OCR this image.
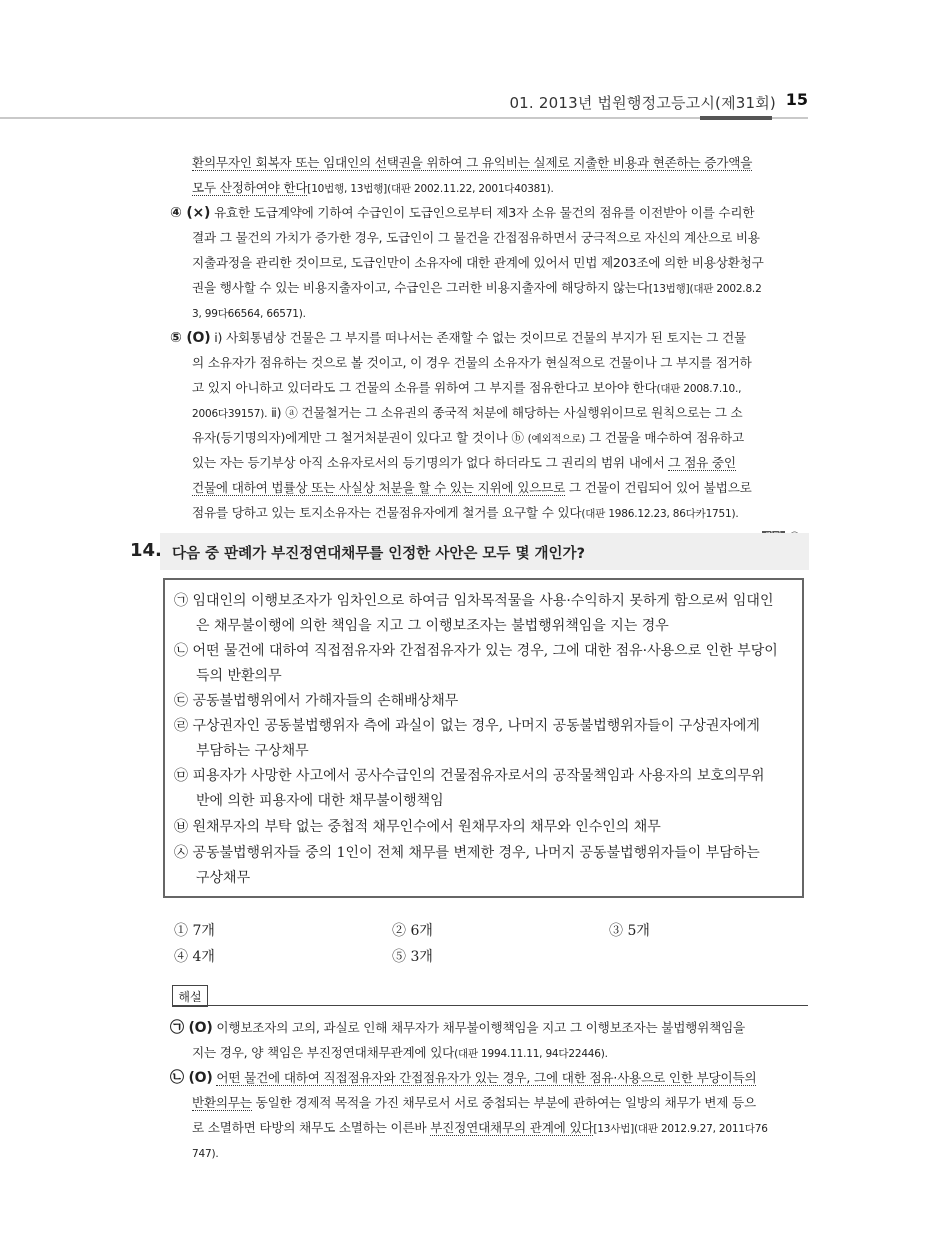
01. 2013년 법원행정고등고시(제31회) 15
환의무자인 회복자 또는 임대인의 선택권을 위하여 그 유익비는 실제로 지출한 비용과 현존하는 증가액을
모두 산정하여야 한다[10법행, 13법행](대판 2002.11.22, 2001다40381).
④ (×) 유효한 도급계약에 기하여 수급인이 도급인으로부터 제3자 소유 물건의 점유를 이전받아 이를 수리한
결과 그 물건의 가치가 증가한 경우, 도급인이 그 물건을 간접점유하면서 궁극적으로 자신의 계산으로 비용
지출과정을 관리한 것이므로, 도급인만이 소유자에 대한 관계에 있어서 민법 제203조에 의한 비용상환청구
권을 행사할 수 있는 비용지출자이고, 수급인은 그러한 비용지출자에 해당하지 않는다[13법행](대판 2002.8.2
3, 99다66564, 66571).
⑤ (O) ⅰ) 사회통념상 건물은 그 부지를 떠나서는 존재할 수 없는 것이므로 건물의 부지가 된 토지는 그 건물
의 소유자가 점유하는 것으로 볼 것이고, 이 경우 건물의 소유자가 현실적으로 건물이나 그 부지를 점거하
고 있지 아니하고 있더라도 그 건물의 소유를 위하여 그 부지를 점유한다고 보아야 한다(대판 2008.7.10.,
2006다39157). ⅱ) ⓐ 건물철거는 그 소유권의 종국적 처분에 해당하는 사실행위이므로 원칙으로는 그 소
유자(등기명의자)에게만 그 철거처분권이 있다고 할 것이나 ⓑ (예외적으로) 그 건물을 매수하여 점유하고
있는 자는 등기부상 아직 소유자로서의 등기명의가 없다 하더라도 그 권리의 범위 내에서 그 점유 중인
건물에 대하여 법률상 또는 사실상 처분을 할 수 있는 지위에 있으므로 그 건물이 건립되어 있어 불법으로
점유를 당하고 있는 토지소유자는 건물점유자에게 철거를 요구할 수 있다(대판 1986.12.23, 86다카1751).
14. 다음 중 판례가 부진정연대채무를 인정한 사안은 모두 몇 개인가?
㉠ 임대인의 이행보조자가 임차인으로 하여금 임차목적물을 사용·수익하지 못하게 함으로써 임대인
은 채무불이행에 의한 책임을 지고 그 이행보조자는 불법행위책임을 지는 경우
㉡ 어떤 물건에 대하여 직접점유자와 간접점유자가 있는 경우, 그에 대한 점유·사용으로 인한 부당이
득의 반환의무
㉢ 공동불법행위에서 가해자들의 손해배상채무
㉣ 구상권자인 공동불법행위자 측에 과실이 없는 경우, 나머지 공동불법행위자들이 구상권자에게
부담하는 구상채무
㉤ 피용자가 사망한 사고에서 공사수급인의 건물점유자로서의 공작물책임과 사용자의 보호의무위
반에 의한 피용자에 대한 채무불이행책임
㉥ 원채무자의 부탁 없는 중첩적 채무인수에서 원채무자의 채무와 인수인의 채무
㉦ 공동불법행위자들 중의 1인이 전체 채무를 변제한 경우, 나머지 공동불법행위자들이 부담하는
구상채무
① 7개	② 6개	③ 5개
④ 4개	⑤ 3개
해설
㉠ (O) 이행보조자의 고의, 과실로 인해 채무자가 채무불이행책임을 지고 그 이행보조자는 불법행위책임을
지는 경우, 양 책임은 부진정연대채무관계에 있다(대판 1994.11.11, 94다22446).
㉡ (O) 어떤 물건에 대하여 직접점유자와 간접점유자가 있는 경우, 그에 대한 점유·사용으로 인한 부당이득의
반환의무는 동일한 경제적 목적을 가진 채무로서 서로 중첩되는 부분에 관하여는 일방의 채무가 변제 등으
로 소멸하면 타방의 채무도 소멸하는 이른바 부진정연대채무의 관계에 있다[13사법](대판 2012.9.27, 2011다76
747).
